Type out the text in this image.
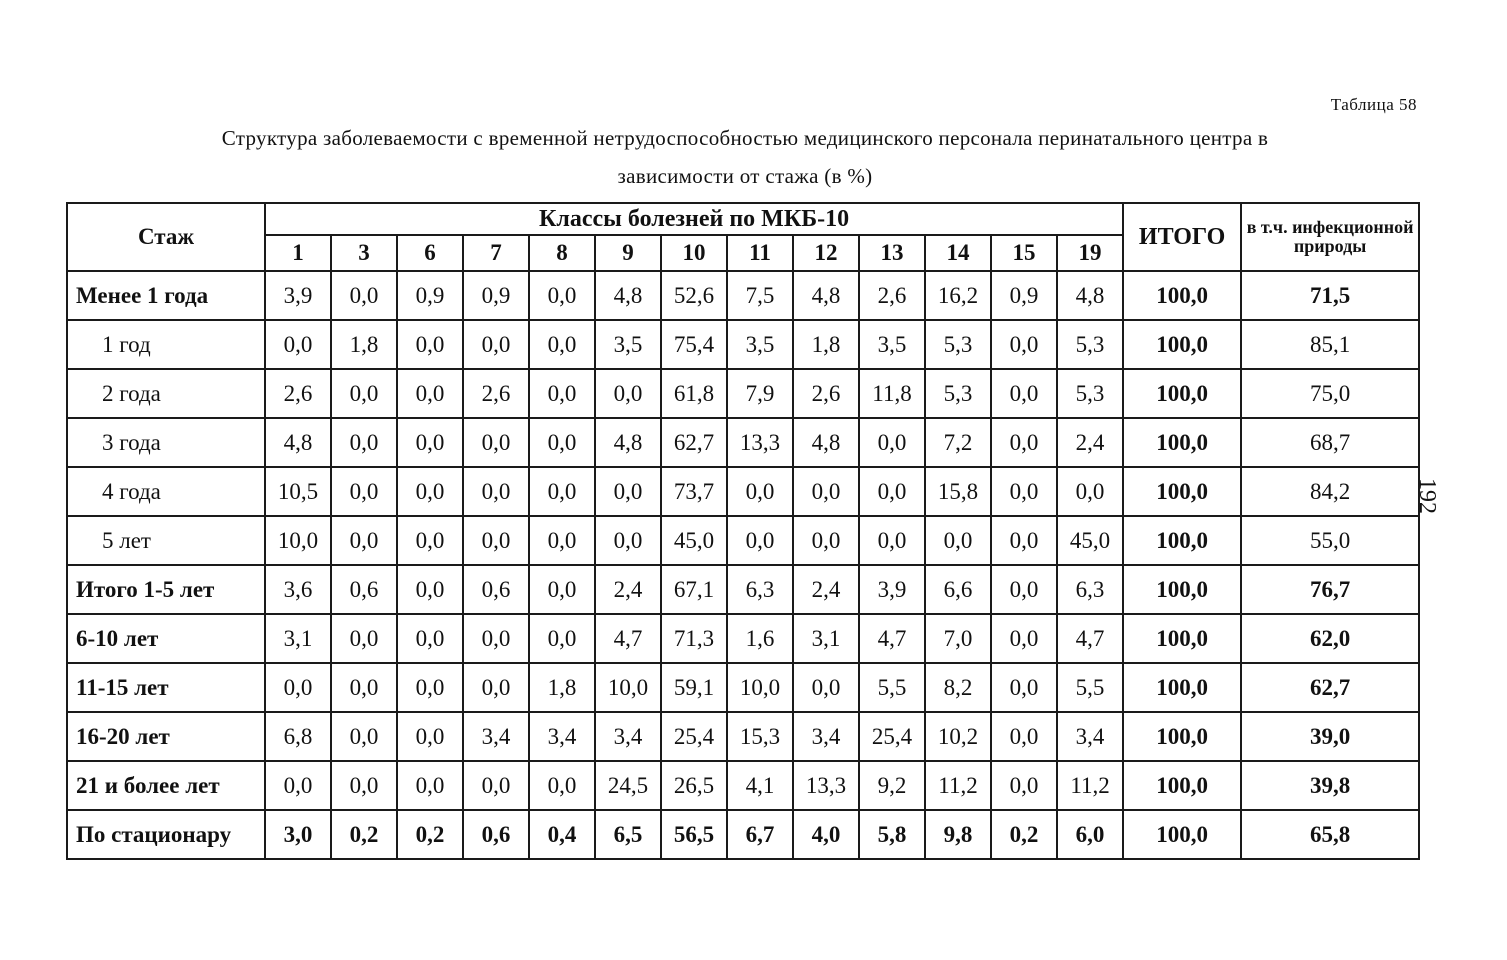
Таблица 58
Структура заболеваемости с временной нетрудоспособностью медицинского персонала перинатального центра в
зависимости от стажа (в %)
192
Стаж	Классы болезней по МКБ-10													ИТОГО	в т.ч. инфекционной природы
	1	3	6	7	8	9	10	11	12	13	14	15	19		
Менее 1 года	3,9	0,0	0,9	0,9	0,0	4,8	52,6	7,5	4,8	2,6	16,2	0,9	4,8	100,0	71,5
1 год	0,0	1,8	0,0	0,0	0,0	3,5	75,4	3,5	1,8	3,5	5,3	0,0	5,3	100,0	85,1
2 года	2,6	0,0	0,0	2,6	0,0	0,0	61,8	7,9	2,6	11,8	5,3	0,0	5,3	100,0	75,0
3 года	4,8	0,0	0,0	0,0	0,0	4,8	62,7	13,3	4,8	0,0	7,2	0,0	2,4	100,0	68,7
4 года	10,5	0,0	0,0	0,0	0,0	0,0	73,7	0,0	0,0	0,0	15,8	0,0	0,0	100,0	84,2
5 лет	10,0	0,0	0,0	0,0	0,0	0,0	45,0	0,0	0,0	0,0	0,0	0,0	45,0	100,0	55,0
Итого 1-5 лет	3,6	0,6	0,0	0,6	0,0	2,4	67,1	6,3	2,4	3,9	6,6	0,0	6,3	100,0	76,7
6-10 лет	3,1	0,0	0,0	0,0	0,0	4,7	71,3	1,6	3,1	4,7	7,0	0,0	4,7	100,0	62,0
11-15 лет	0,0	0,0	0,0	0,0	1,8	10,0	59,1	10,0	0,0	5,5	8,2	0,0	5,5	100,0	62,7
16-20 лет	6,8	0,0	0,0	3,4	3,4	3,4	25,4	15,3	3,4	25,4	10,2	0,0	3,4	100,0	39,0
21 и более лет	0,0	0,0	0,0	0,0	0,0	24,5	26,5	4,1	13,3	9,2	11,2	0,0	11,2	100,0	39,8
По стационару	3,0	0,2	0,2	0,6	0,4	6,5	56,5	6,7	4,0	5,8	9,8	0,2	6,0	100,0	65,8
